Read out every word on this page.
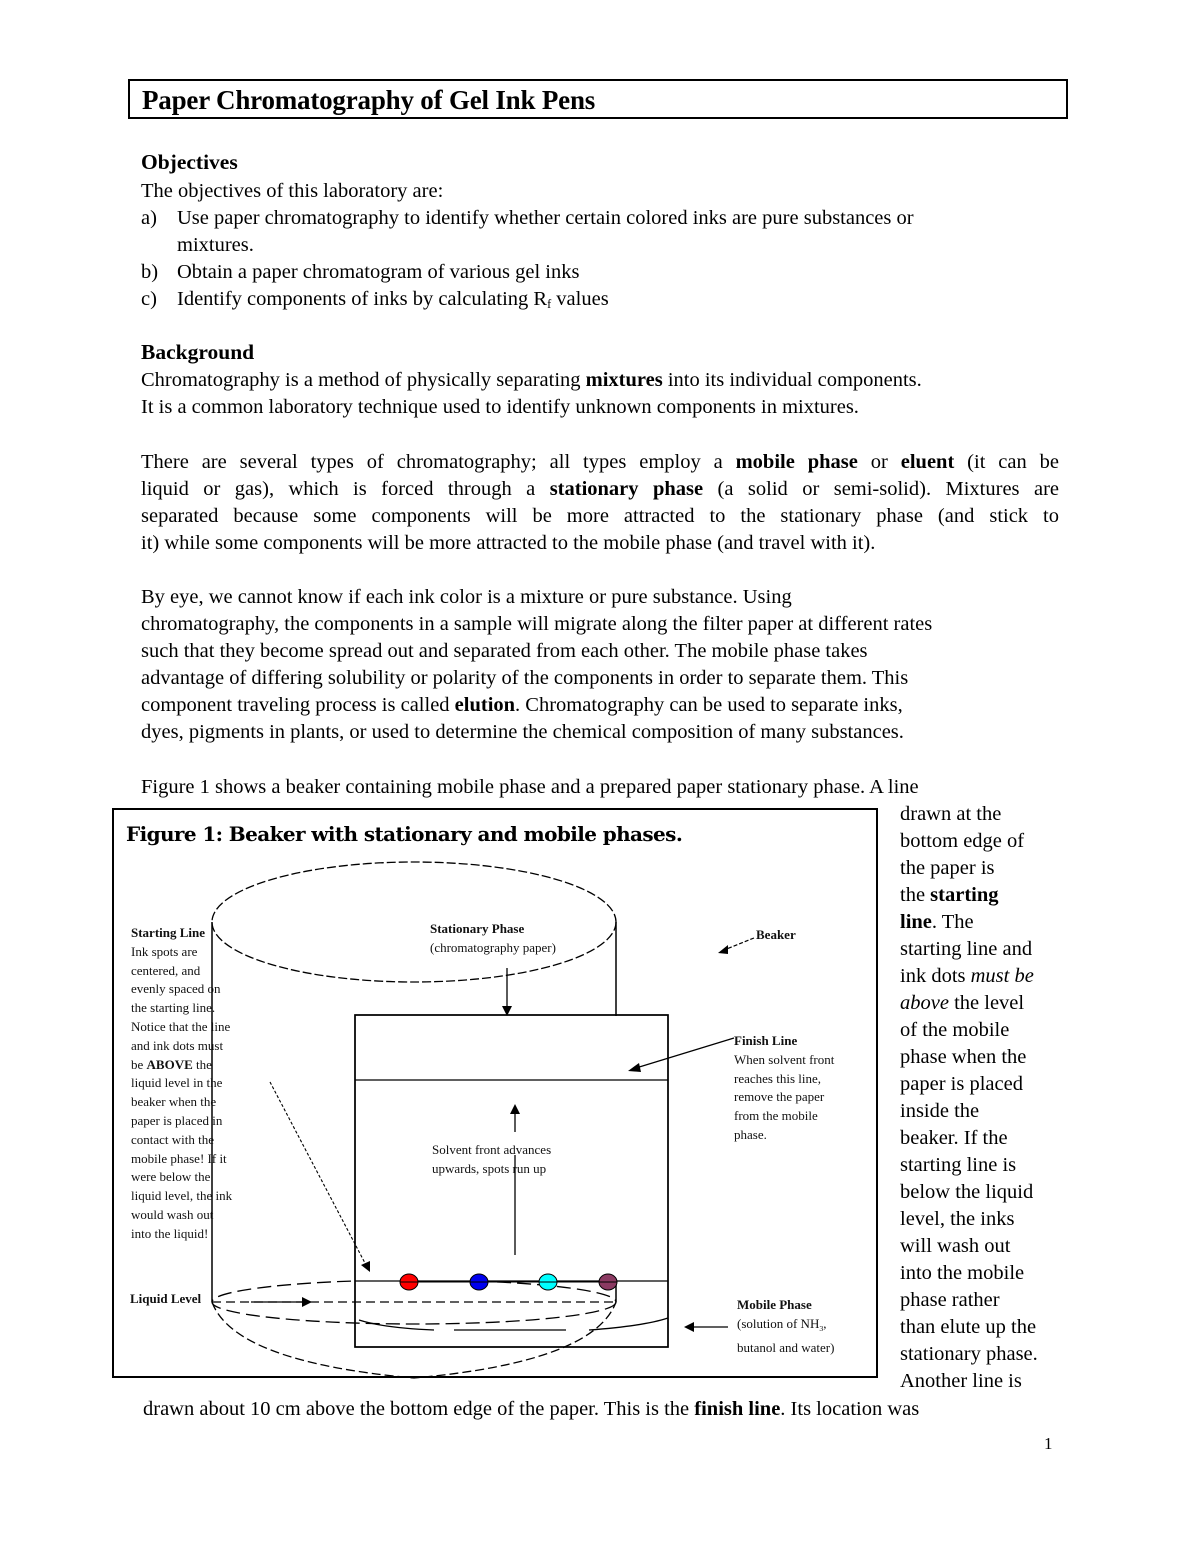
Paper Chromatography of Gel Ink Pens
Objectives
The objectives of this laboratory are:
a) Use paper chromatography to identify whether certain colored inks are pure substances or
mixtures.
b) Obtain a paper chromatogram of various gel inks
c) Identify components of inks by calculating $R_f$ values
Background
Chromatography is a method of physically separating mixtures into its individual components.
It is a common laboratory technique used to identify unknown components in mixtures.
There are several types of chromatography; all types employ a mobile phase or eluent (it can be
liquid or gas), which is forced through a stationary phase (a solid or semi-solid). Mixtures are
separated because some components will be more attracted to the stationary phase (and stick to
it) while some components will be more attracted to the mobile phase (and travel with it).
By eye, we cannot know if each ink color is a mixture or pure substance. Using
chromatography, the components in a sample will migrate along the filter paper at different rates
such that they become spread out and separated from each other. The mobile phase takes
advantage of differing solubility or polarity of the components in order to separate them. This
component traveling process is called elution. Chromatography can be used to separate inks,
dyes, pigments in plants, or used to determine the chemical composition of many substances.
Figure 1 shows a beaker containing mobile phase and a prepared paper stationary phase. A line
drawn at the
bottom edge of
the paper is
the starting
line. The
starting line and
ink dots must be
above the level
of the mobile
phase when the
paper is placed
inside the
beaker. If the
starting line is
below the liquid
level, the inks
will wash out
into the mobile
phase rather
than elute up the
stationary phase.
Another line is
drawn about 10 cm above the bottom edge of the paper. This is the finish line. Its location was
Figure 1: Beaker with stationary and mobile phases.
Starting Line
Ink spots are
centered, and
evenly spaced on
the starting line.
Notice that the line
and ink dots must
be ABOVE the
liquid level in the
beaker when the
paper is placed in
contact with the
mobile phase! If it
were below the
liquid level, the ink
would wash out
into the liquid!
Stationary Phase
(chromatography paper)
Beaker
Finish Line
When solvent front
reaches this line,
remove the paper
from the mobile
phase.
Solvent front advances
upwards, spots run up
Liquid Level	Mobile Phase
(solution of $NH_3$,
butanol and water)
1
